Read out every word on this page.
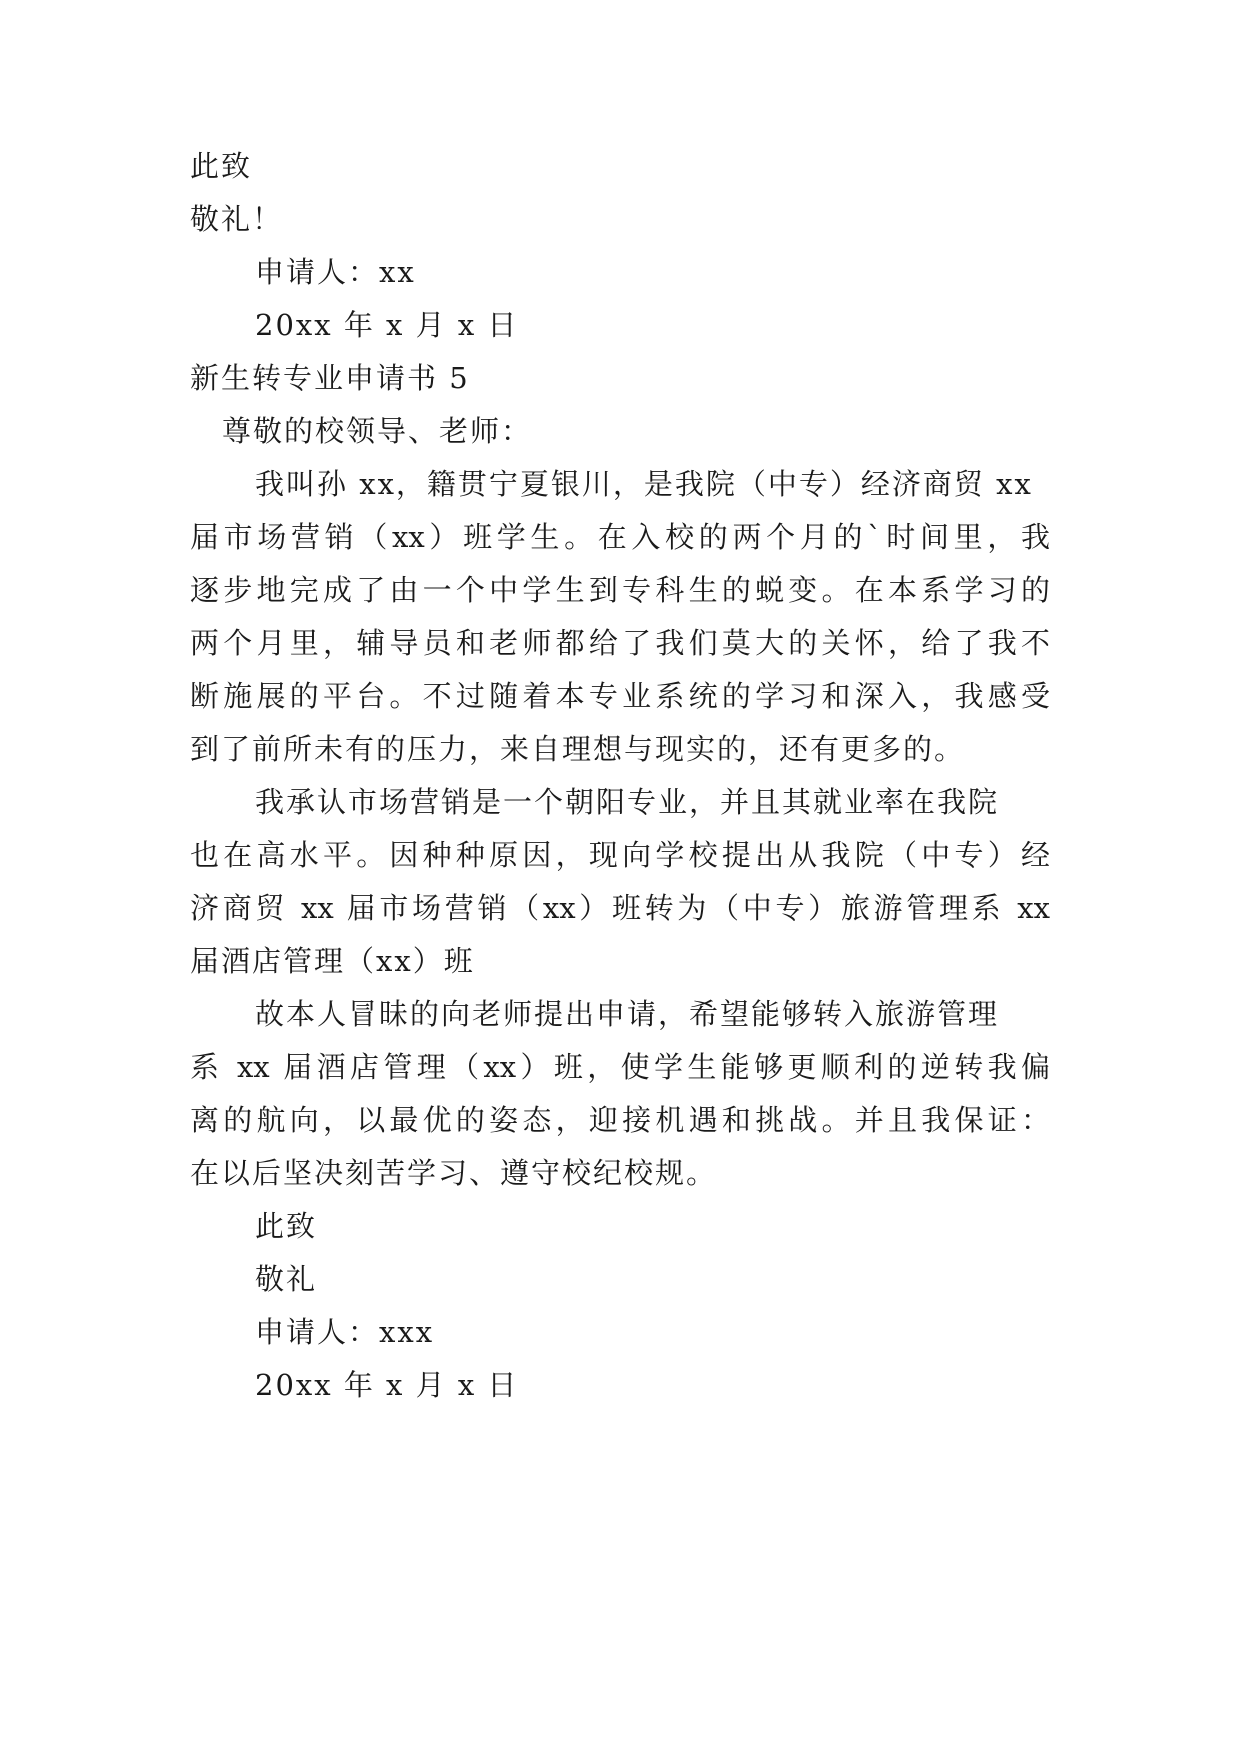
此致
敬礼！
申请人：xx
20xx 年 x 月 x 日
新生转专业申请书 5
尊敬的校领导、老师：
我叫孙 xx，籍贯宁夏银川，是我院（中专）经济商贸 xx
届市场营销（xx）班学生。在入校的两个月的`时间里，我
逐步地完成了由一个中学生到专科生的蜕变。在本系学习的
两个月里，辅导员和老师都给了我们莫大的关怀，给了我不
断施展的平台。不过随着本专业系统的学习和深入，我感受
到了前所未有的压力，来自理想与现实的，还有更多的。
我承认市场营销是一个朝阳专业，并且其就业率在我院
也在高水平。因种种原因，现向学校提出从我院（中专）经
济商贸 xx 届市场营销（xx）班转为（中专）旅游管理系 xx
届酒店管理（xx）班
故本人冒昧的向老师提出申请，希望能够转入旅游管理
系 xx 届酒店管理（xx）班，使学生能够更顺利的逆转我偏
离的航向，以最优的姿态，迎接机遇和挑战。并且我保证：
在以后坚决刻苦学习、遵守校纪校规。
此致
敬礼
申请人：xxx
20xx 年 x 月 x 日
